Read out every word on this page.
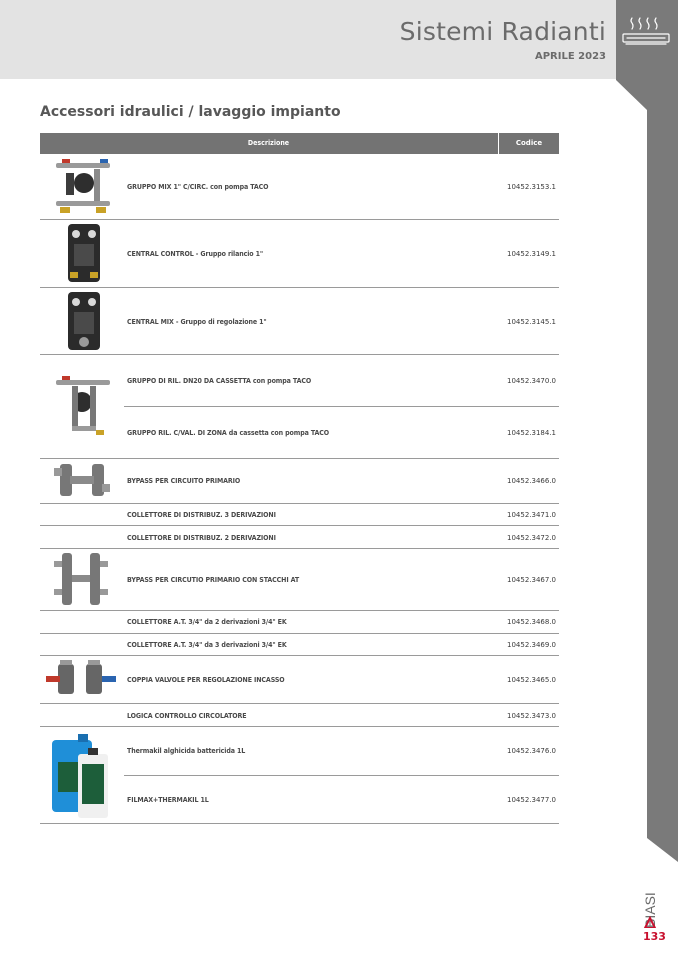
Sistemi Radianti
APRILE 2023
Accessori idraulici / lavaggio impianto
Descrizione	Codice
GRUPPO MIX 1" C/CIRC. con pompa TACO	10452.3153.1
CENTRAL CONTROL - Gruppo rilancio 1"	10452.3149.1
CENTRAL MIX - Gruppo di regolazione 1"	10452.3145.1
GRUPPO DI RIL. DN20 DA CASSETTA con pompa TACO	10452.3470.0
GRUPPO RIL. C/VAL. DI ZONA da cassetta con pompa TACO	10452.3184.1
BYPASS PER CIRCUITO PRIMARIO	10452.3466.0
COLLETTORE DI DISTRIBUZ. 3 DERIVAZIONI	10452.3471.0
COLLETTORE DI DISTRIBUZ. 2 DERIVAZIONI	10452.3472.0
BYPASS PER CIRCUTIO PRIMARIO CON STACCHI AT	10452.3467.0
COLLETTORE A.T. 3/4" da 2 derivazioni 3/4" EK	10452.3468.0
COLLETTORE A.T. 3/4" da 3 derivazioni 3/4" EK	10452.3469.0
COPPIA VALVOLE PER REGOLAZIONE INCASSO	10452.3465.0
LOGICA CONTROLLO CIRCOLATORE	10452.3473.0
Thermakil alghicida battericida 1L	10452.3476.0
FILMAX+THERMAKIL 1L	10452.3477.0
BIASI
133
